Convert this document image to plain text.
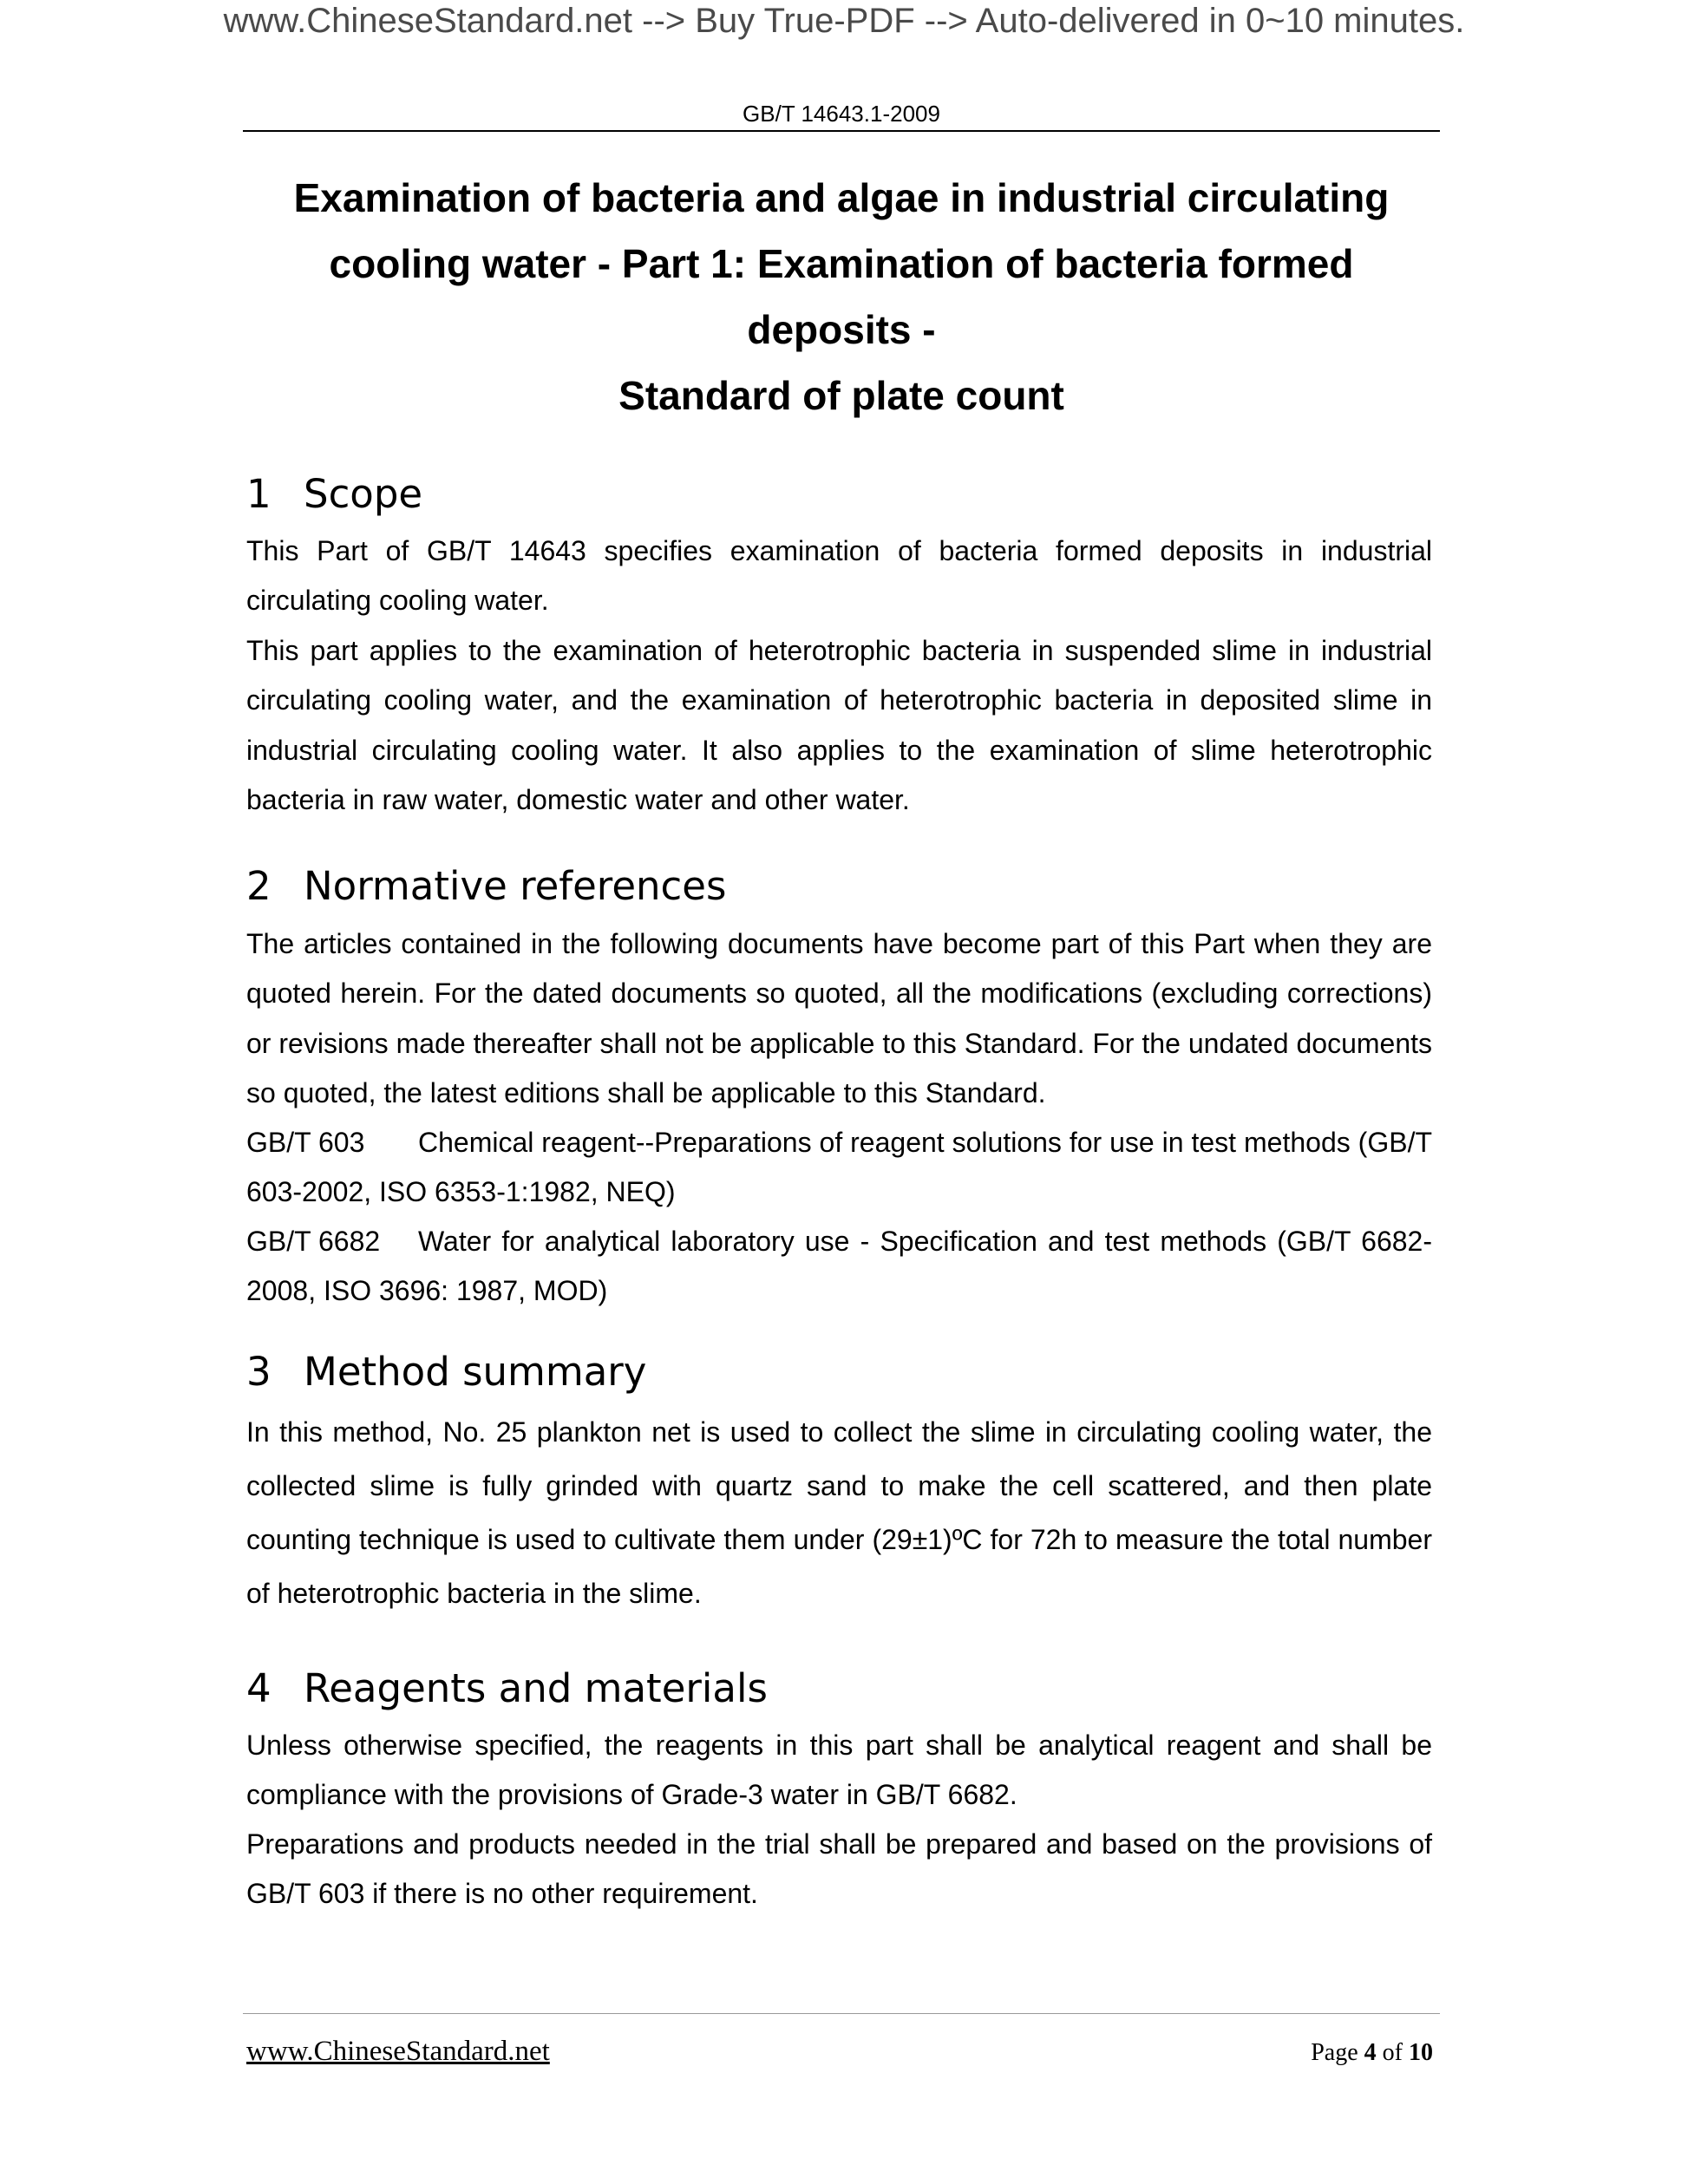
www.ChineseStandard.net --> Buy True-PDF --> Auto-delivered in 0~10 minutes.
GB/T 14643.1-2009
Examination of bacteria and algae in industrial circulating
cooling water - Part 1: Examination of bacteria formed deposits -
Standard of plate count
1 Scope

This Part of GB/T 14643 specifies examination of bacteria formed deposits in industrial circulating cooling water.

This part applies to the examination of heterotrophic bacteria in suspended slime in industrial circulating cooling water, and the examination of heterotrophic bacteria in deposited slime in industrial circulating cooling water. It also applies to the examination of slime heterotrophic bacteria in raw water, domestic water and other water.

2 Normative references

The articles contained in the following documents have become part of this Part when they are quoted herein. For the dated documents so quoted, all the modifications (excluding corrections) or revisions made thereafter shall not be applicable to this Standard. For the undated documents so quoted, the latest editions shall be applicable to this Standard.

GB/T 603 Chemical reagent--Preparations of reagent solutions for use in test methods (GB/T 603-2002, ISO 6353-1:1982, NEQ)

GB/T 6682 Water for analytical laboratory use - Specification and test methods (GB/T 6682-2008, ISO 3696: 1987, MOD)

3 Method summary

In this method, No. 25 plankton net is used to collect the slime in circulating cooling water, the collected slime is fully grinded with quartz sand to make the cell scattered, and then plate counting technique is used to cultivate them under (29±1)ºC for 72h to measure the total number of heterotrophic bacteria in the slime.

4 Reagents and materials

Unless otherwise specified, the reagents in this part shall be analytical reagent and shall be compliance with the provisions of Grade-3 water in GB/T 6682.

Preparations and products needed in the trial shall be prepared and based on the provisions of GB/T 603 if there is no other requirement.

www.ChineseStandard.net	Page 4 of 10
